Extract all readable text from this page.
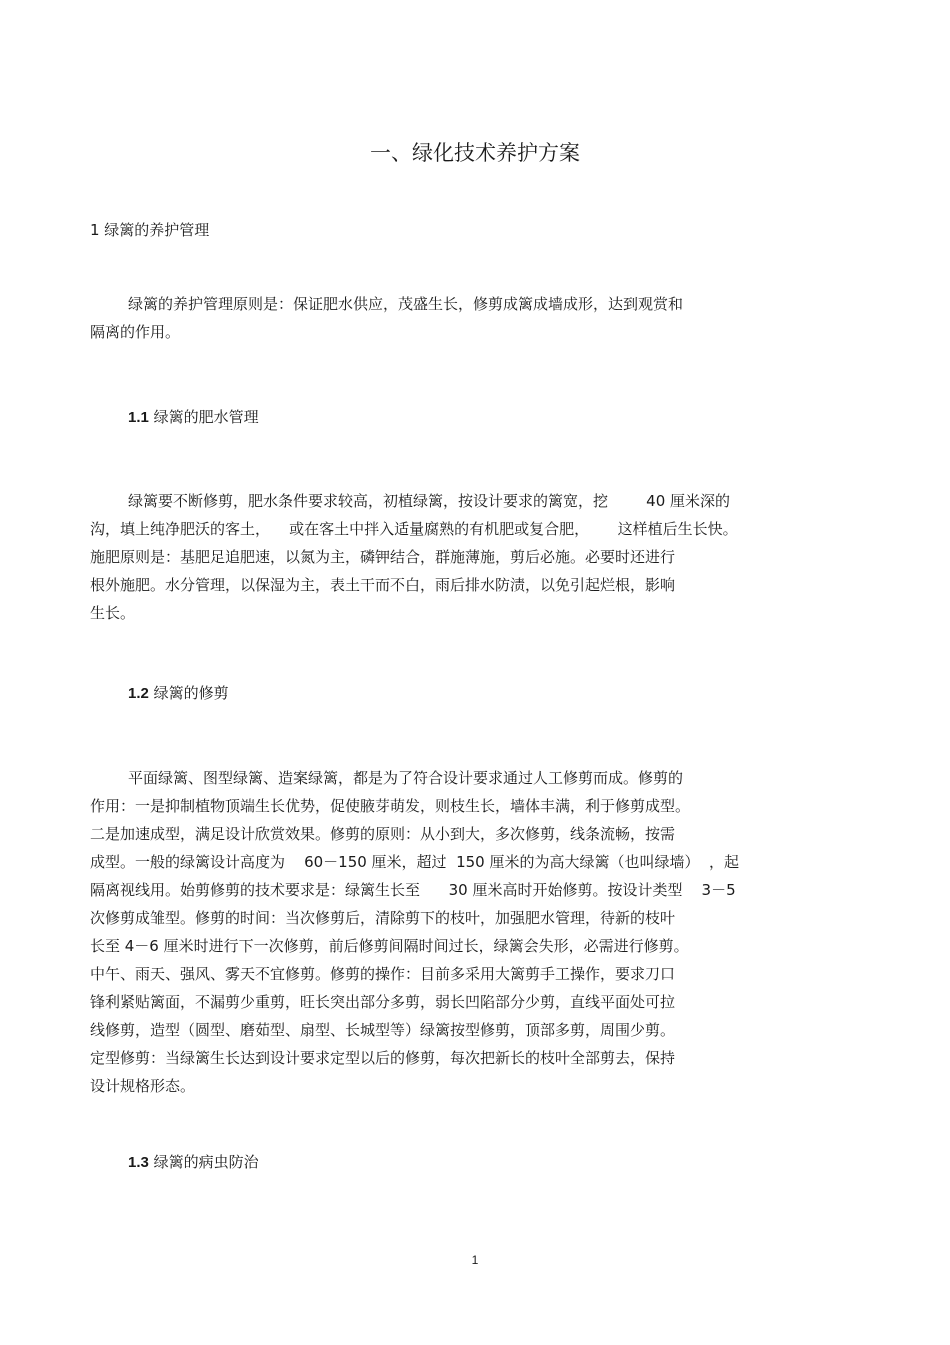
一、绿化技术养护方案
1 绿篱的养护管理
绿篱的养护管理原则是：保证肥水供应，茂盛生长，修剪成篱成墙成形，达到观赏和
隔离的作用。
1.1 绿篱的肥水管理
绿篱要不断修剪，肥水条件要求较高，初植绿篱，按设计要求的篱宽，挖        40 厘米深的
沟，填上纯净肥沃的客土，    或在客土中拌入适量腐熟的有机肥或复合肥，      这样植后生长快。
施肥原则是：基肥足追肥速，以氮为主，磷钾结合，群施薄施，剪后必施。必要时还进行
根外施肥。水分管理，以保湿为主，表土干而不白，雨后排水防渍，以免引起烂根，影响
生长。
1.2 绿篱的修剪
平面绿篱、图型绿篱、造案绿篱，都是为了符合设计要求通过人工修剪而成。修剪的
作用：一是抑制植物顶端生长优势，促使腋芽萌发，则枝生长，墙体丰满，利于修剪成型。
二是加速成型，满足设计欣赏效果。修剪的原则：从小到大，多次修剪，线条流畅，按需
成型。一般的绿篱设计高度为    60－150 厘米，超过  150 厘米的为高大绿篱（也叫绿墙）  ，起
隔离视线用。始剪修剪的技术要求是：绿篱生长至      30 厘米高时开始修剪。按设计类型    3－5
次修剪成雏型。修剪的时间：当次修剪后，清除剪下的枝叶，加强肥水管理，待新的枝叶
长至 4－6 厘米时进行下一次修剪，前后修剪间隔时间过长，绿篱会失形，必需进行修剪。
中午、雨天、强风、雾天不宜修剪。修剪的操作：目前多采用大篱剪手工操作，要求刀口
锋利紧贴篱面，不漏剪少重剪，旺长突出部分多剪，弱长凹陷部分少剪，直线平面处可拉
线修剪，造型（圆型、磨茹型、扇型、长城型等）绿篱按型修剪，顶部多剪，周围少剪。
定型修剪：当绿篱生长达到设计要求定型以后的修剪，每次把新长的枝叶全部剪去，保持
设计规格形态。
1.3 绿篱的病虫防治
1
